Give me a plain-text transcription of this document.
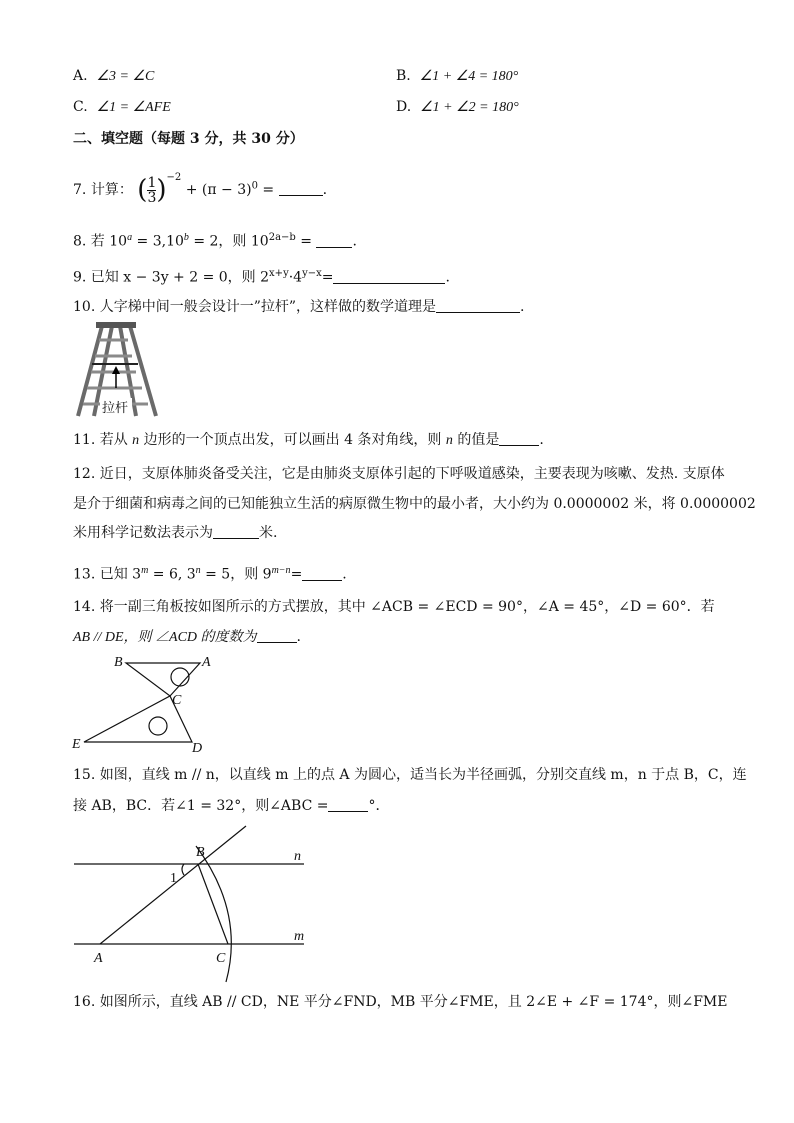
A. ∠3 = ∠C	B. ∠1 + ∠4 = 180°
C. ∠1 = ∠AFE	D. ∠1 + ∠2 = 180°
二、填空题（每题 3 分，共 30 分）
7. 计算： ( $\frac{1}{3} )^{-2} + (\pi - 3)^0$ =	.
8. 若 $10^a = 3,10^b = 2$，则 $10^{2a-b}$ =	.
9. 已知 x − 3y + 2 = 0，则 $2^{x+y}\cdot 4^{y-x}=$	.
10. 人字梯中间一般会设计一”拉杆”，这样做的数学道理是	.
拉杆
11. 若从 n 边形的一个顶点出发，可以画出 4 条对角线，则 n 的值是	.
12. 近日，支原体肺炎备受关注，它是由肺炎支原体引起的下呼吸道感染，主要表现为咳嗽、发热. 支原体
是介于细菌和病毒之间的已知能独立生活的病原微生物中的最小者，大小约为 0.0000002 米，将 0.0000002
米用科学记数法表示为	米.
13. 已知 $3^m = 6$, $3^n = 5$，则 $9^{m-n}=$	.
14. 将一副三角板按如图所示的方式摆放，其中 ∠ACB = ∠ECD = 90°，∠A = 45°，∠D = 60°．若
AB // DE，则 ∠ACD 的度数为	.
B	A
C
E	D
15. 如图，直线 m // n，以直线 m 上的点 A 为圆心，适当长为半径画弧，分别交直线 m，n 于点 B，C，连
接 AB，BC．若∠1 = 32°，则∠ABC =	°．
B	n
1
m
A	C
16. 如图所示，直线 AB // CD，NE 平分∠FND，MB 平分∠FME，且 2∠E + ∠F = 174°，则∠FME
